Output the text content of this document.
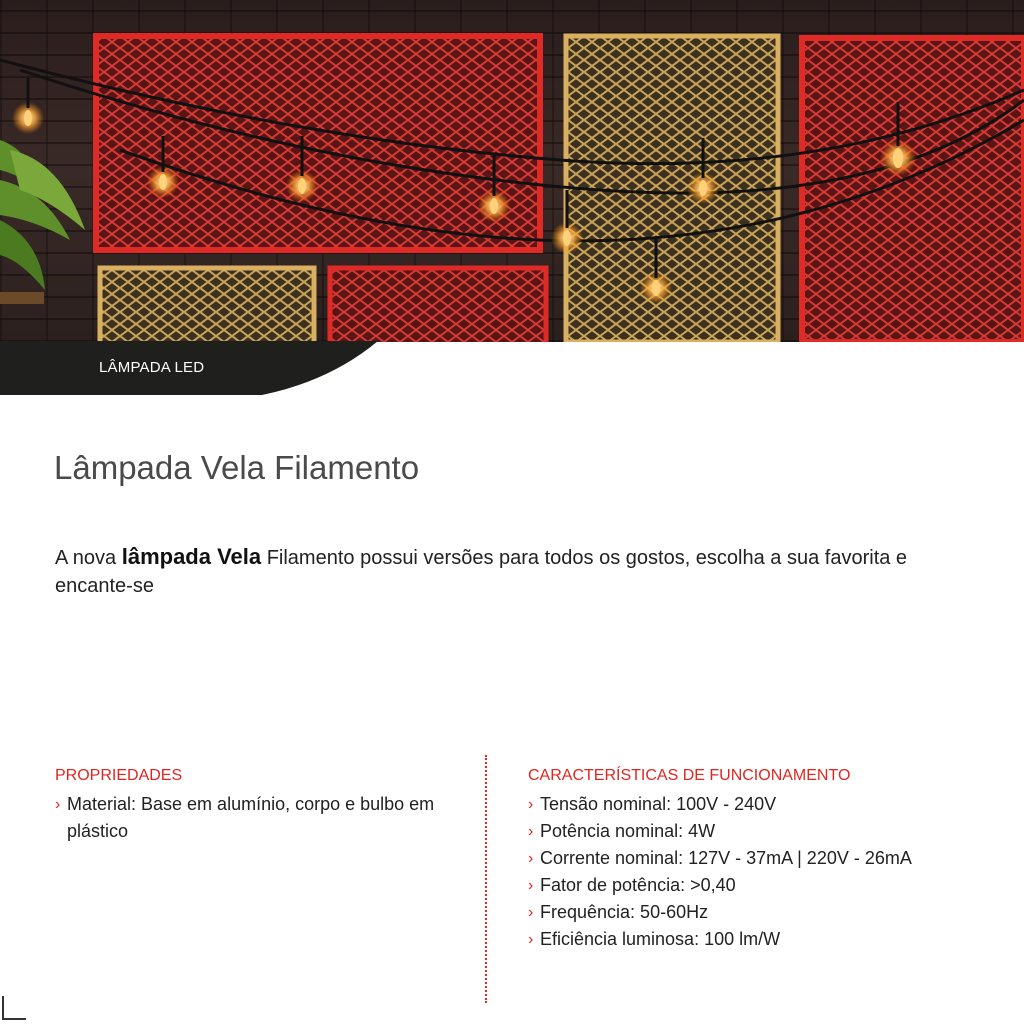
LÂMPADA LED
Lâmpada Vela Filamento

A nova lâmpada Vela Filamento possui versões para todos os gostos, escolha a sua favorita e encante-se

PROPRIEDADES
› Material: Base em alumínio, corpo e bulbo em plástico
CARACTERÍSTICAS DE FUNCIONAMENTO
› Tensão nominal: 100V - 240V
› Potência nominal: 4W
› Corrente nominal: 127V - 37mA | 220V - 26mA
› Fator de potência: >0,40
› Frequência: 50-60Hz
› Eficiência luminosa: 100 lm/W
